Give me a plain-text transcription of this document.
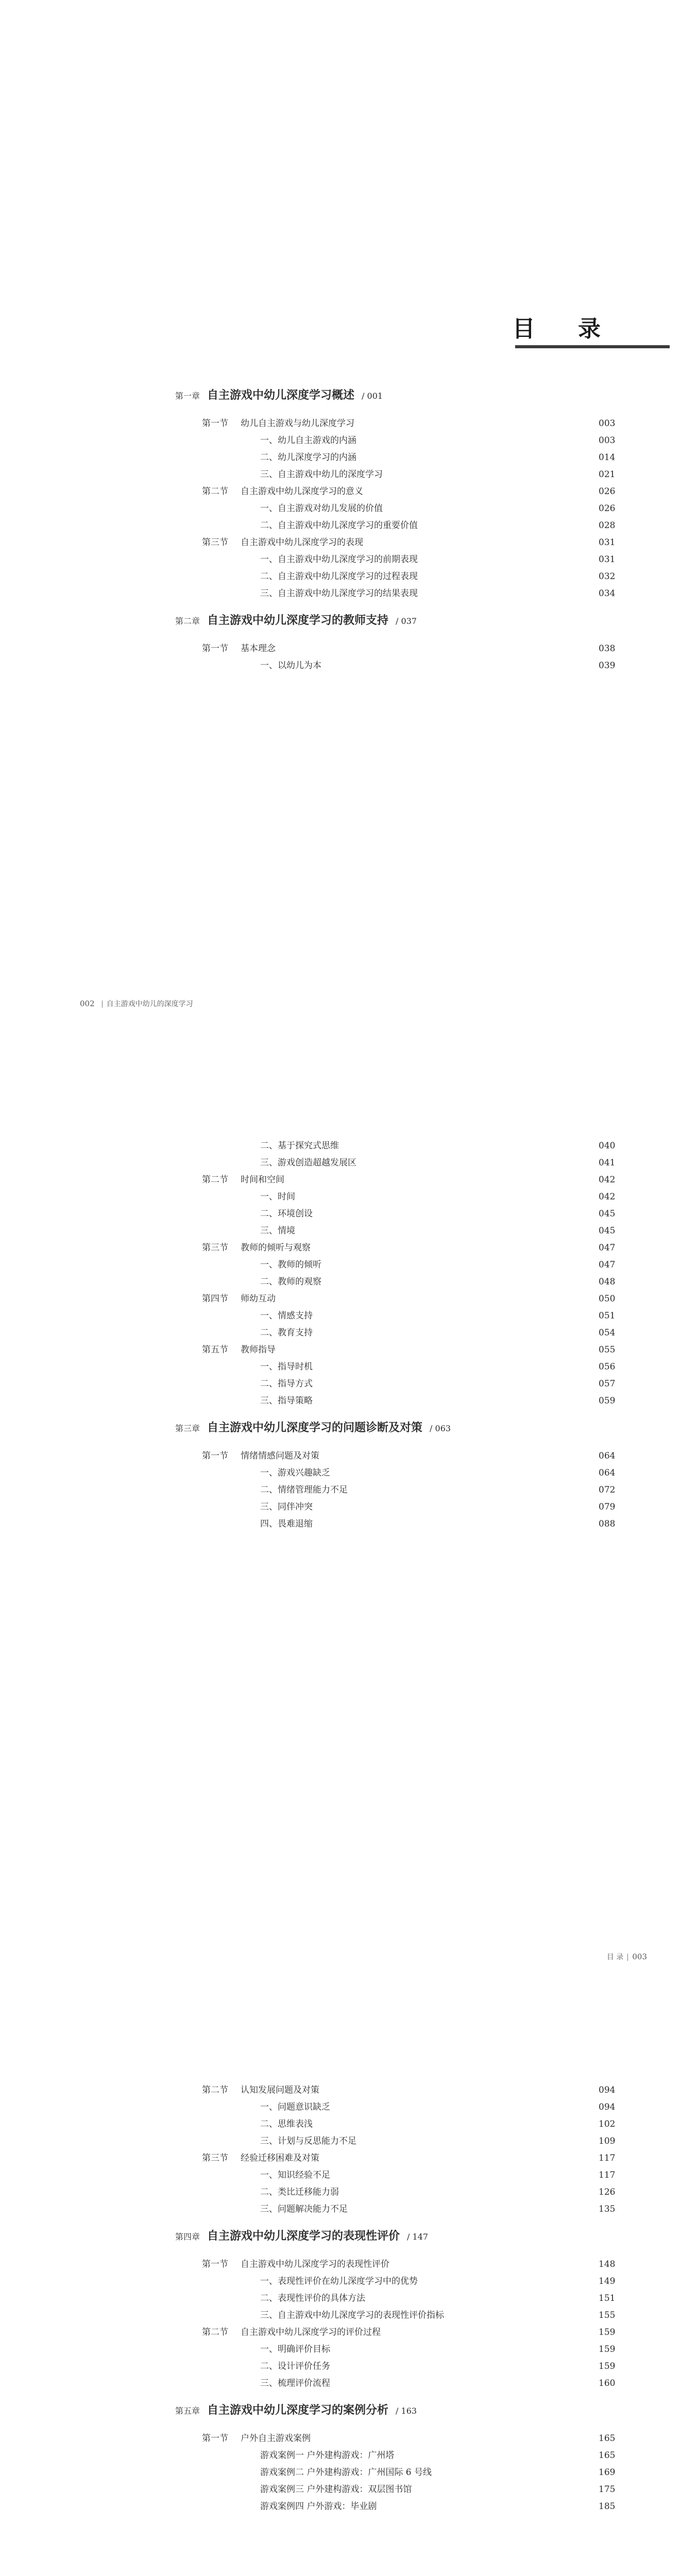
目 录
第一章 自主游戏中幼儿深度学习概述 / 001
第一节 幼儿自主游戏与幼儿深度学习	003
一、幼儿自主游戏的内涵	003
二、幼儿深度学习的内涵	014
三、自主游戏中幼儿的深度学习	021
第二节 自主游戏中幼儿深度学习的意义	026
一、自主游戏对幼儿发展的价值	026
二、自主游戏中幼儿深度学习的重要价值	028
第三节 自主游戏中幼儿深度学习的表现	031
一、自主游戏中幼儿深度学习的前期表现	031
二、自主游戏中幼儿深度学习的过程表现	032
三、自主游戏中幼儿深度学习的结果表现	034
第二章 自主游戏中幼儿深度学习的教师支持 / 037
第一节 基本理念	038
一、以幼儿为本	039
002 自主游戏中幼儿的深度学习
二、基于探究式思维	040
三、游戏创造超越发展区	041
第二节 时间和空间	042
一、时间	042
二、环境创设	045
三、情境	045
第三节 教师的倾听与观察	047
一、教师的倾听	047
二、教师的观察	048
第四节 师幼互动	050
一、情感支持	051
二、教育支持	054
第五节 教师指导	055
一、指导时机	056
二、指导方式	057
三、指导策略	059
第三章 自主游戏中幼儿深度学习的问题诊断及对策 / 063
第一节 情绪情感问题及对策	064
一、游戏兴趣缺乏	064
二、情绪管理能力不足	072
三、同伴冲突	079
四、畏难退缩	088
目 录 003
第二节 认知发展问题及对策	094
一、问题意识缺乏	094
二、思维表浅	102
三、计划与反思能力不足	109
第三节 经验迁移困难及对策	117
一、知识经验不足	117
二、类比迁移能力弱	126
三、问题解决能力不足	135
第四章 自主游戏中幼儿深度学习的表现性评价 / 147
第一节 自主游戏中幼儿深度学习的表现性评价	148
一、表现性评价在幼儿深度学习中的优势	149
二、表现性评价的具体方法	151
三、自主游戏中幼儿深度学习的表现性评价指标	155
第二节 自主游戏中幼儿深度学习的评价过程	159
一、明确评价目标	159
二、设计评价任务	159
三、梳理评价流程	160
第五章 自主游戏中幼儿深度学习的案例分析 / 163
第一节 户外自主游戏案例	165
游戏案例一 户外建构游戏：广州塔	165
游戏案例二 户外建构游戏：广州国际 6 号线	169
游戏案例三 户外建构游戏：双层图书馆	175
游戏案例四 户外游戏：毕业剧	185
